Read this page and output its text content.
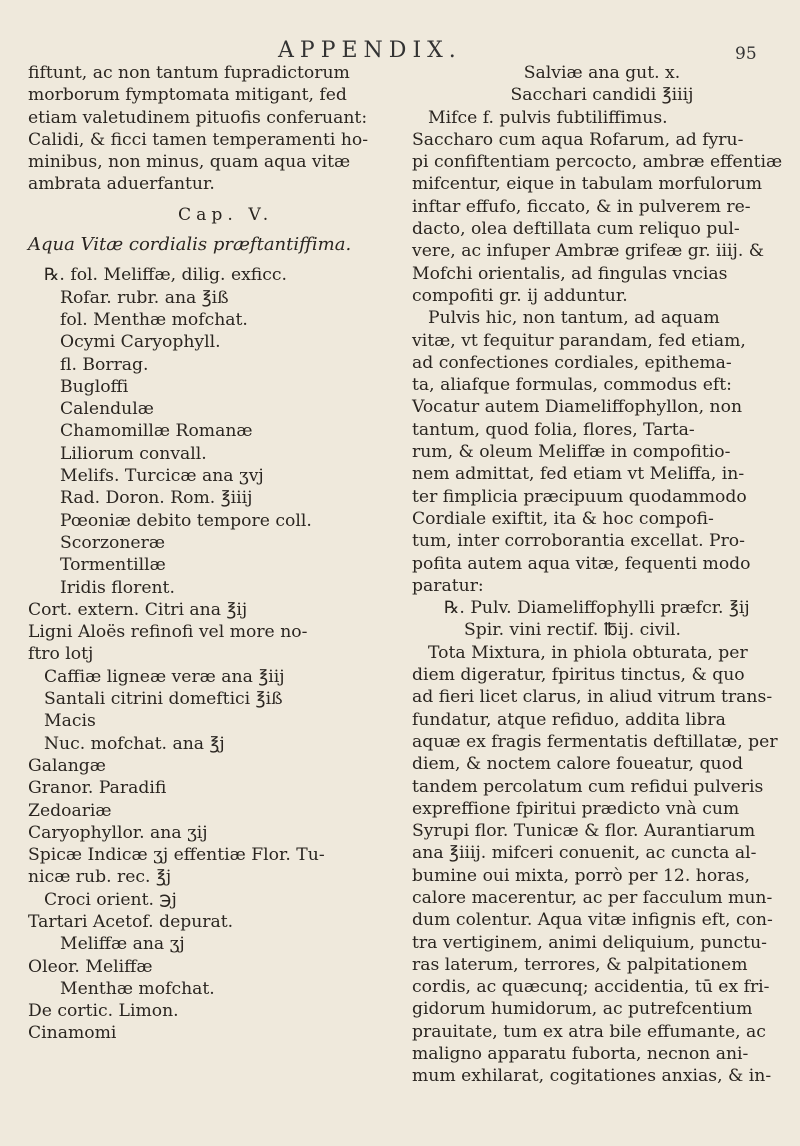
APPENDIX.	95
fiftunt, ac non tantum fupradictorum
morborum fymptomata mitigant, fed
etiam valetudinem pituofis conferuant:
Calidi, & ficci tamen temperamenti ho-
minibus, non minus, quam aqua vitæ
ambrata aduerfantur.
Cap. V.
Aqua Vitæ cordialis præftantiffima.
℞. fol. Meliffæ, dilig. exficc.
Rofar. rubr. ana ℥iß
fol. Menthæ mofchat.
Ocymi Caryophyll.
fl. Borrag.
Bugloffi
Calendulæ
Chamomillæ Romanæ
Liliorum convall.
Melifs. Turcicæ ana ʒvj
Rad. Doron. Rom. ℥iiij
Pœoniæ debito tempore coll.
Scorzoneræ
Tormentillæ
Iridis florent.
Cort. extern. Citri ana ℥ij
Ligni Aloës refinofi vel more no-
ftro lotj
Caffiæ ligneæ veræ ana ℥iij
Santali citrini domeftici ℥iß
Macis
Nuc. mofchat. ana ℥j
Galangæ
Granor. Paradifi
Zedoariæ
Caryophyllor. ana ʒij
Spicæ Indicæ ʒj effentiæ Flor. Tu-
nicæ rub. rec. ℥j
Croci orient. ℈j
Tartari Acetof. depurat.
Meliffæ ana ʒj
Oleor. Meliffæ
Menthæ mofchat.
De cortic. Limon.
Cinamomi
Salviæ ana gut. x.
Sacchari candidi ℥iiij
Mifce f. pulvis fubtiliffimus.
Saccharo cum aqua Rofarum, ad fyru-
pi confiftentiam percocto, ambræ effentiæ
mifcentur, eique in tabulam morfulorum
inftar effufo, ficcato, & in pulverem re-
dacto, olea deftillata cum reliquo pul-
vere, ac infuper Ambræ grifeæ gr. iiij. &
Mofchi orientalis, ad fingulas vncias
compofiti gr. ij adduntur.
Pulvis hic, non tantum, ad aquam
vitæ, vt fequitur parandam, fed etiam,
ad confectiones cordiales, epithema-
ta, aliafque formulas, commodus eft:
Vocatur autem Diameliffophyllon, non
tantum, quod folia, flores, Tarta-
rum, & oleum Meliffæ in compofitio-
nem admittat, fed etiam vt Meliffa, in-
ter fimplicia præcipuum quodammodo
Cordiale exiftit, ita & hoc compofi-
tum, inter corroborantia excellat. Pro-
pofita autem aqua vitæ, fequenti modo
paratur:
℞. Pulv. Diameliffophylli præfcr. ℥ij
Spir. vini rectif. ℔ij. civil.
Tota Mixtura, in phiola obturata, per
diem digeratur, fpiritus tinctus, & quo
ad fieri licet clarus, in aliud vitrum trans-
fundatur, atque refiduo, addita libra
aquæ ex fragis fermentatis deftillatæ, per
diem, & noctem calore foueatur, quod
tandem percolatum cum refidui pulveris
expreffione fpiritui prædicto vnà cum
Syrupi flor. Tunicæ & flor. Aurantiarum
ana ℥iiij. mifceri conuenit, ac cuncta al-
bumine oui mixta, porrò per 12. horas,
calore macerentur, ac per facculum mun-
dum colentur. Aqua vitæ infignis eft, con-
tra vertiginem, animi deliquium, punctu-
ras laterum, terrores, & palpitationem
cordis, ac quæcunq; accidentia, tū ex fri-
gidorum humidorum, ac putrefcentium
prauitate, tum ex atra bile effumante, ac
maligno apparatu fuborta, necnon ani-
mum exhilarat, cogitationes anxias, & in-
